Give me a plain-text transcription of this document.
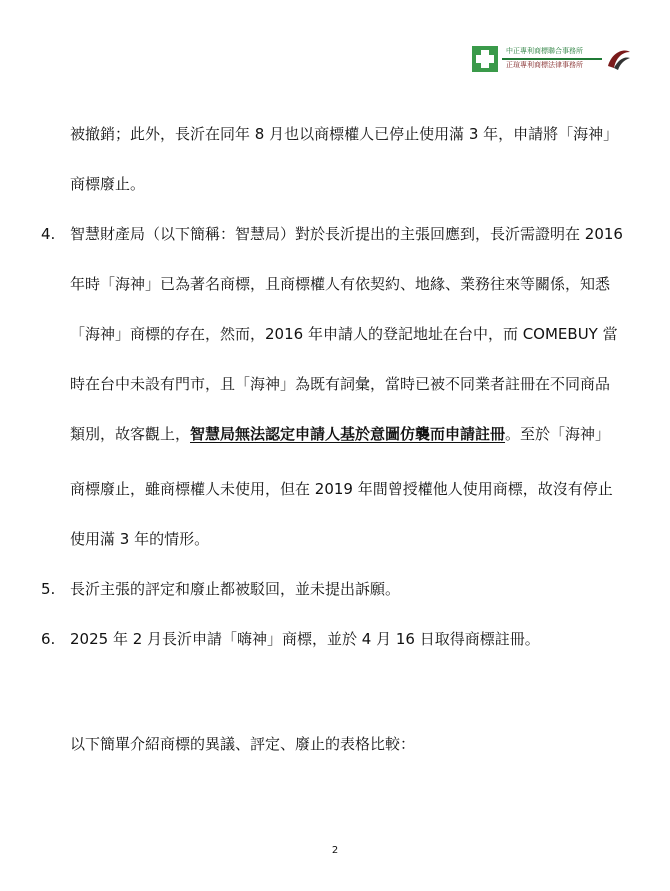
中正專利商標聯合事務所
正瑄專利商標法律事務所
被撤銷；此外，長沂在同年 8 月也以商標權人已停止使用滿 3 年，申請將「海神」
商標廢止。
4. 智慧財產局（以下簡稱：智慧局）對於長沂提出的主張回應到，長沂需證明在 2016
年時「海神」已為著名商標，且商標權人有依契約、地緣、業務往來等關係，知悉
「海神」商標的存在，然而，2016 年申請人的登記地址在台中，而 COMEBUY 當
時在台中未設有門市，且「海神」為既有詞彙，當時已被不同業者註冊在不同商品
類別，故客觀上，智慧局無法認定申請人基於意圖仿襲而申請註冊。至於「海神」
商標廢止，雖商標權人未使用，但在 2019 年間曾授權他人使用商標，故沒有停止
使用滿 3 年的情形。
5. 長沂主張的評定和廢止都被駁回，並未提出訴願。
6. 2025 年 2 月長沂申請「嗨神」商標，並於 4 月 16 日取得商標註冊。
以下簡單介紹商標的異議、評定、廢止的表格比較：
2
